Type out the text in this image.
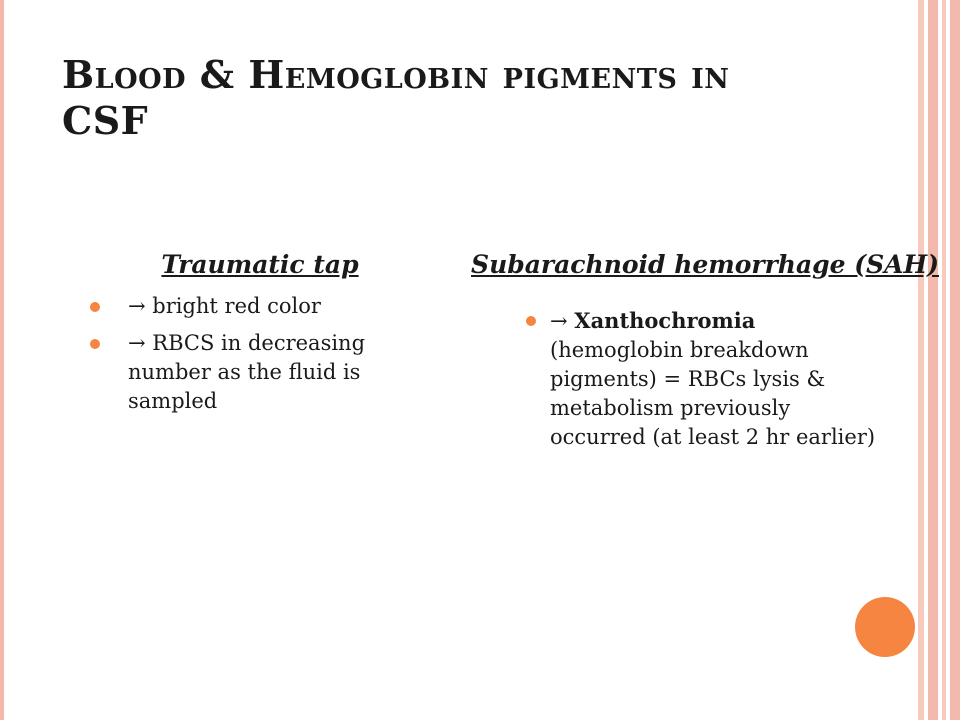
Blood & Hemoglobin pigments in
CSF
Traumatic tap
→ bright red color
→ RBCS in decreasing number as the fluid is sampled
Subarachnoid hemorrhage (SAH)
→ Xanthochromia (hemoglobin breakdown pigments) = RBCs lysis & metabolism previously occurred (at least 2 hr earlier)
